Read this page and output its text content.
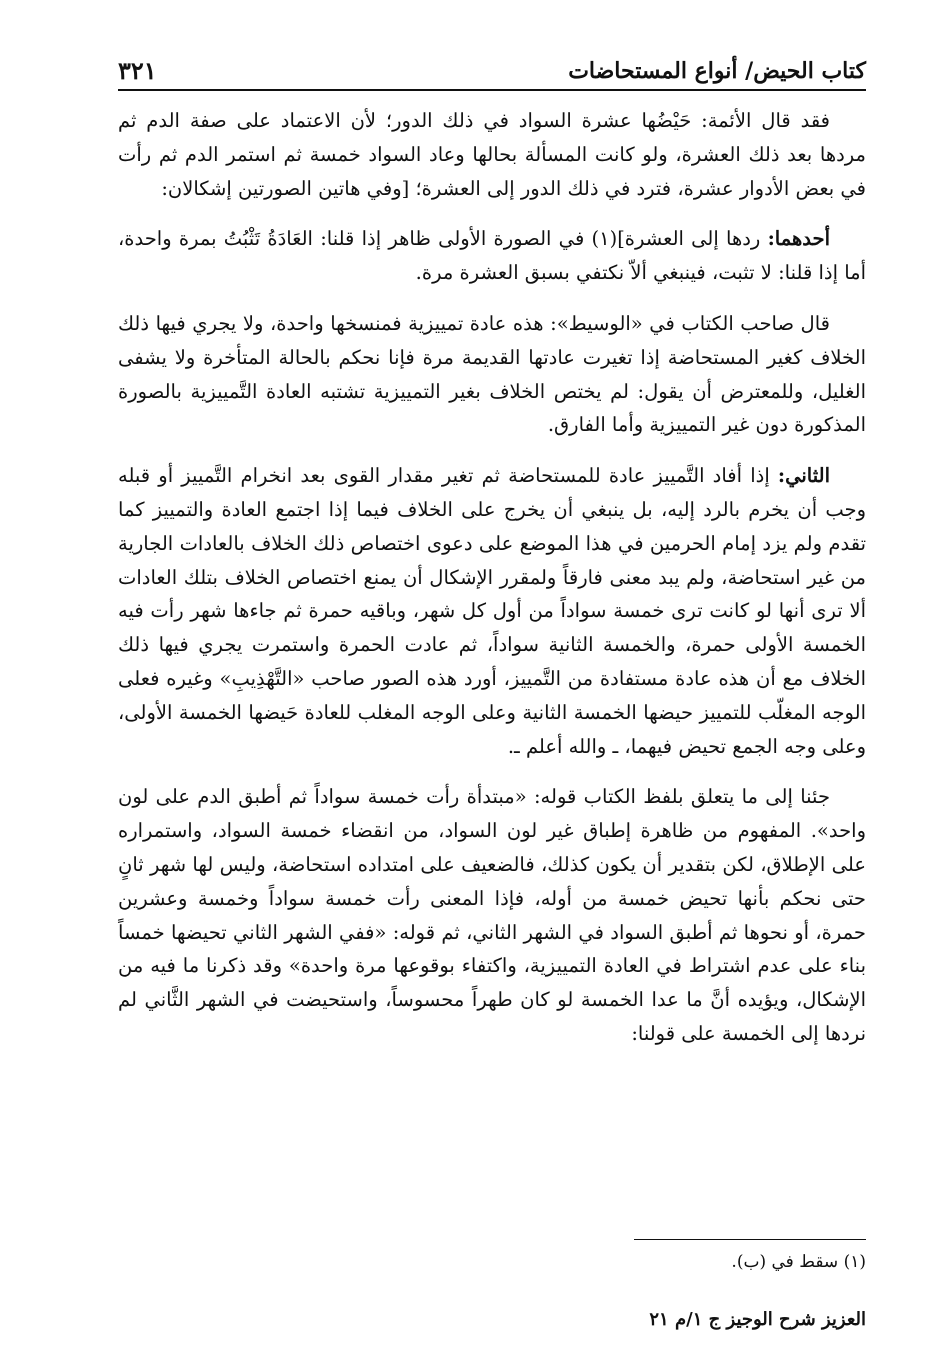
كتاب الحيض/ أنواع المستحاضات
٣٢١

فقد قال الأئمة: حَيْضُها عشرة السواد في ذلك الدور؛ لأن الاعتماد على صفة الدم ثم مردها بعد ذلك العشرة، ولو كانت المسألة بحالها وعاد السواد خمسة ثم استمر الدم ثم رأت في بعض الأدوار عشرة، فترد في ذلك الدور إلى العشرة؛ [وفي هاتين الصورتين إشكالان:

أحدهما: ردها إلى العشرة](١) في الصورة الأولى ظاهر إذا قلنا: العَادَةُ تَثْبُتُ بمرة واحدة، أما إذا قلنا: لا تثبت، فينبغي ألاّ نكتفي بسبق العشرة مرة.

قال صاحب الكتاب في «الوسيط»: هذه عادة تمييزية فمنسخها واحدة، ولا يجري فيها ذلك الخلاف كغير المستحاضة إذا تغيرت عادتها القديمة مرة فإنا نحكم بالحالة المتأخرة ولا يشفى الغليل، وللمعترض أن يقول: لم يختص الخلاف بغير التمييزية تشتبه العادة التَّمييزية بالصورة المذكورة دون غير التمييزية وأما الفارق.

الثاني: إذا أفاد التَّمييز عادة للمستحاضة ثم تغير مقدار القوى بعد انخرام التَّمييز أو قبله وجب أن يخرم بالرد إليه، بل ينبغي أن يخرج على الخلاف فيما إذا اجتمع العادة والتمييز كما تقدم ولم يزد إمام الحرمين في هذا الموضع على دعوى اختصاص ذلك الخلاف بالعادات الجارية من غير استحاضة، ولم يبد معنى فارقاً ولمقرر الإشكال أن يمنع اختصاص الخلاف بتلك العادات ألا ترى أنها لو كانت ترى خمسة سواداً من أول كل شهر، وباقيه حمرة ثم جاءها شهر رأت فيه الخمسة الأولى حمرة، والخمسة الثانية سواداً، ثم عادت الحمرة واستمرت يجري فيها ذلك الخلاف مع أن هذه عادة مستفادة من التَّمييز، أورد هذه الصور صاحب «التَّهْذِيبِ» وغيره فعلى الوجه المغلّب للتمييز حيضها الخمسة الثانية وعلى الوجه المغلب للعادة حَيضها الخمسة الأولى، وعلى وجه الجمع تحيض فيهما، ـ والله أعلم ـ.

جئنا إلى ما يتعلق بلفظ الكتاب قوله: «مبتدأة رأت خمسة سواداً ثم أطبق الدم على لون واحد». المفهوم من ظاهرة إطباق غير لون السواد، من انقضاء خمسة السواد، واستمراره على الإطلاق، لكن بتقدير أن يكون كذلك، فالضعيف على امتداده استحاضة، وليس لها شهر ثانٍ حتى نحكم بأنها تحيض خمسة من أوله، فإذا المعنى رأت خمسة سواداً وخمسة وعشرين حمرة، أو نحوها ثم أطبق السواد في الشهر الثاني، ثم قوله: «ففي الشهر الثاني تحيضها خمساً بناء على عدم اشتراط في العادة التمييزية، واكتفاء بوقوعها مرة واحدة» وقد ذكرنا ما فيه من الإشكال، ويؤيده أنَّ ما عدا الخمسة لو كان طهراً محسوساً، واستحيضت في الشهر الثَّاني لم نردها إلى الخمسة على قولنا:

(١) سقط في (ب).
العزيز شرح الوجيز ج ١/م ٢١
